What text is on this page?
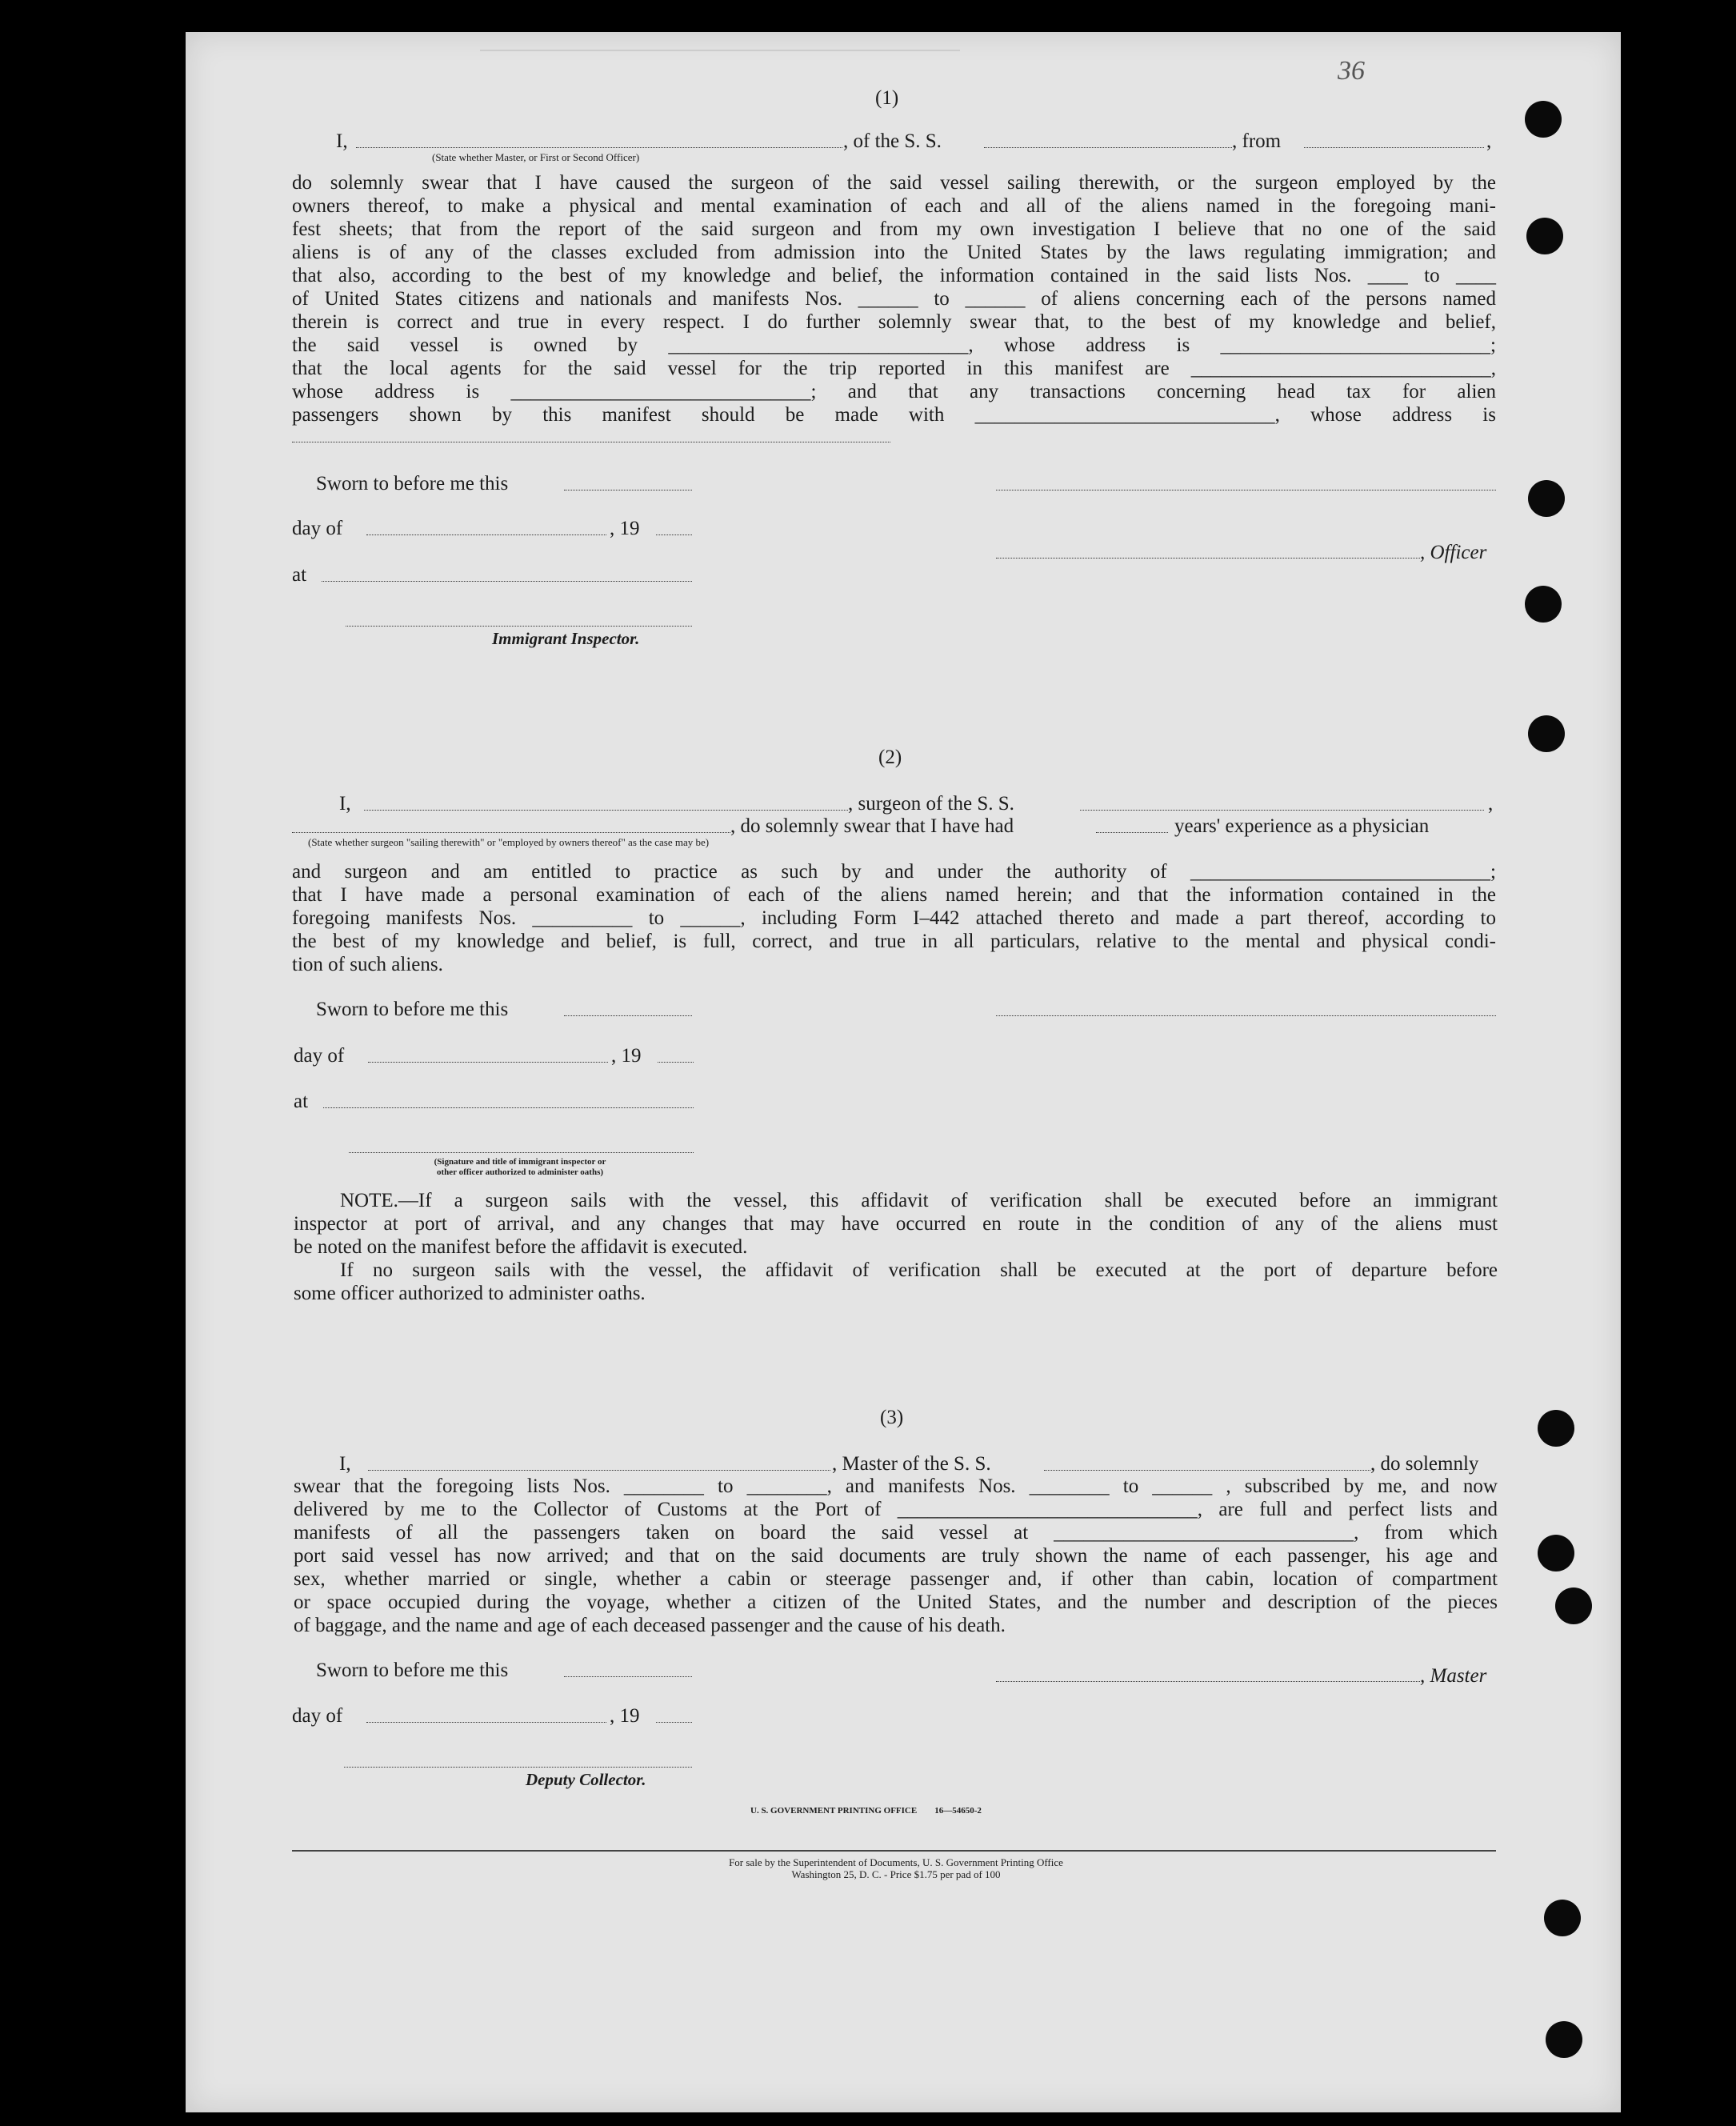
36
(1)
I,
(State whether Master, or First or Second Officer)
, of the S. S.	, from	,
do solemnly swear that I have caused the surgeon of the said vessel sailing therewith, or the surgeon employed by the
owners thereof, to make a physical and mental examination of each and all of the aliens named in the foregoing mani-
fest sheets; that from the report of the said surgeon and from my own investigation I believe that no one of the said
aliens is of any of the classes excluded from admission into the United States by the laws regulating immigration; and
that also, according to the best of my knowledge and belief, the information contained in the said lists Nos. ____ to ____
of United States citizens and nationals and manifests Nos. ______ to ______ of aliens concerning each of the persons named
therein is correct and true in every respect. I do further solemnly swear that, to the best of my knowledge and belief,
the said vessel is owned by ______________________________, whose address is ___________________________;
that the local agents for the said vessel for the trip reported in this manifest are ______________________________,
whose address is ______________________________; and that any transactions concerning head tax for alien
passengers shown by this manifest should be made with ______________________________, whose address is
Sworn to before me this
day of	, 19
, Officer
at
Immigrant Inspector.
(2)
I,	, surgeon of the S. S.	,
(State whether surgeon "sailing therewith" or "employed by owners thereof" as the case may be)
, do solemnly swear that I have had	years' experience as a physician
and surgeon and am entitled to practice as such by and under the authority of ______________________________;
that I have made a personal examination of each of the aliens named herein; and that the information contained in the
foregoing manifests Nos. __________ to ______, including Form I–442 attached thereto and made a part thereof, according to
the best of my knowledge and belief, is full, correct, and true in all particulars, relative to the mental and physical condi-
tion of such aliens.
Sworn to before me this
day of	, 19
at
(Signature and title of immigrant inspector or
other officer authorized to administer oaths)
NOTE.—If a surgeon sails with the vessel, this affidavit of verification shall be executed before an immigrant
inspector at port of arrival, and any changes that may have occurred en route in the condition of any of the aliens must
be noted on the manifest before the affidavit is executed.
If no surgeon sails with the vessel, the affidavit of verification shall be executed at the port of departure before
some officer authorized to administer oaths.
(3)
I,	, Master of the S. S.	, do solemnly
swear that the foregoing lists Nos. ________ to ________, and manifests Nos. ________ to ______ , subscribed by me, and now
delivered by me to the Collector of Customs at the Port of ______________________________, are full and perfect lists and
manifests of all the passengers taken on board the said vessel at ______________________________, from which
port said vessel has now arrived; and that on the said documents are truly shown the name of each passenger, his age and
sex, whether married or single, whether a cabin or steerage passenger and, if other than cabin, location of compartment
or space occupied during the voyage, whether a citizen of the United States, and the number and description of the pieces
of baggage, and the name and age of each deceased passenger and the cause of his death.
Sworn to before me this	, Master
day of	, 19
Deputy Collector.
U. S. GOVERNMENT PRINTING OFFICE        16—54650-2
For sale by the Superintendent of Documents, U. S. Government Printing Office
Washington 25, D. C. - Price $1.75 per pad of 100
